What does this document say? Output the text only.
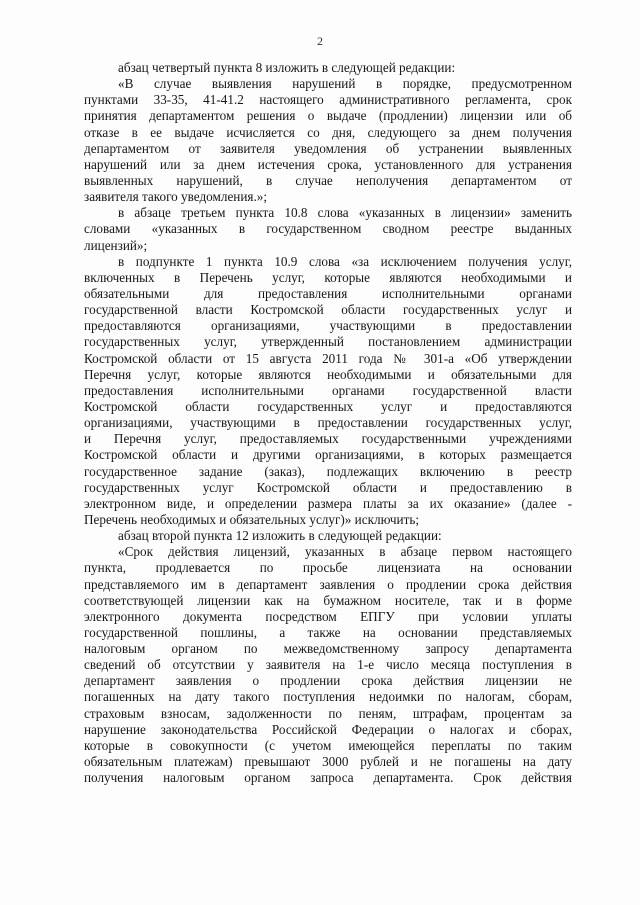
2
абзац четвертый пункта 8 изложить в следующей редакции:
«В случае выявления нарушений в порядке, предусмотренном
пунктами 33-35, 41-41.2 настоящего административного регламента, срок
принятия департаментом решения о выдаче (продлении) лицензии или об
отказе в ее выдаче исчисляется со дня, следующего за днем получения
департаментом от заявителя уведомления об устранении выявленных
нарушений или за днем истечения срока, установленного для устранения
выявленных нарушений, в случае неполучения департаментом от
заявителя такого уведомления.»;
в абзаце третьем пункта 10.8 слова «указанных в лицензии» заменить
словами «указанных в государственном сводном реестре выданных
лицензий»;
в подпункте 1 пункта 10.9 слова «за исключением получения услуг,
включенных в Перечень услуг, которые являются необходимыми и
обязательными для предоставления исполнительными органами
государственной власти Костромской области государственных услуг и
предоставляются организациями, участвующими в предоставлении
государственных услуг, утвержденный постановлением администрации
Костромской области от 15 августа 2011 года № 301-а «Об утверждении
Перечня услуг, которые являются необходимыми и обязательными для
предоставления исполнительными органами государственной власти
Костромской области государственных услуг и предоставляются
организациями, участвующими в предоставлении государственных услуг,
и Перечня услуг, предоставляемых государственными учреждениями
Костромской области и другими организациями, в которых размещается
государственное задание (заказ), подлежащих включению в реестр
государственных услуг Костромской области и предоставлению в
электронном виде, и определении размера платы за их оказание» (далее -
Перечень необходимых и обязательных услуг)» исключить;
абзац второй пункта 12 изложить в следующей редакции:
«Срок действия лицензий, указанных в абзаце первом настоящего
пункта, продлевается по просьбе лицензиата на основании
представляемого им в департамент заявления о продлении срока действия
соответствующей лицензии как на бумажном носителе, так и в форме
электронного документа посредством ЕПГУ при условии уплаты
государственной пошлины, а также на основании представляемых
налоговым органом по межведомственному запросу департамента
сведений об отсутствии у заявителя на 1-е число месяца поступления в
департамент заявления о продлении срока действия лицензии не
погашенных на дату такого поступления недоимки по налогам, сборам,
страховым взносам, задолженности по пеням, штрафам, процентам за
нарушение законодательства Российской Федерации о налогах и сборах,
которые в совокупности (с учетом имеющейся переплаты по таким
обязательным платежам) превышают 3000 рублей и не погашены на дату
получения налоговым органом запроса департамента. Срок действия
